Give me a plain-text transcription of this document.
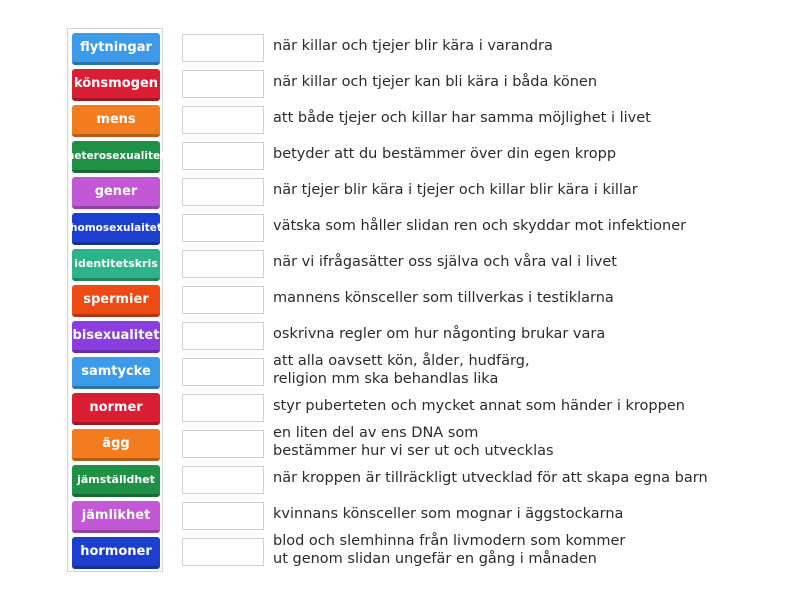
flytningar
könsmogen
mens
heterosexualitet
gener
homosexulaitet
identitetskris
spermier
bisexualitet
samtycke
normer
ägg
jämställdhet
jämlikhet
hormoner
när killar och tjejer blir kära i varandra
när killar och tjejer kan bli kära i båda könen
att både tjejer och killar har samma möjlighet i livet
betyder att du bestämmer över din egen kropp
när tjejer blir kära i tjejer och killar blir kära i killar
vätska som håller slidan ren och skyddar mot infektioner
när vi ifrågasätter oss själva och våra val i livet
mannens könsceller som tillverkas i testiklarna
oskrivna regler om hur någonting brukar vara
att alla oavsett kön, ålder, hudfärg,
religion mm ska behandlas lika
styr puberteten och mycket annat som händer i kroppen
en liten del av ens DNA som
bestämmer hur vi ser ut och utvecklas
när kroppen är tillräckligt utvecklad för att skapa egna barn
kvinnans könsceller som mognar i äggstockarna
blod och slemhinna från livmodern som kommer
ut genom slidan ungefär en gång i månaden
